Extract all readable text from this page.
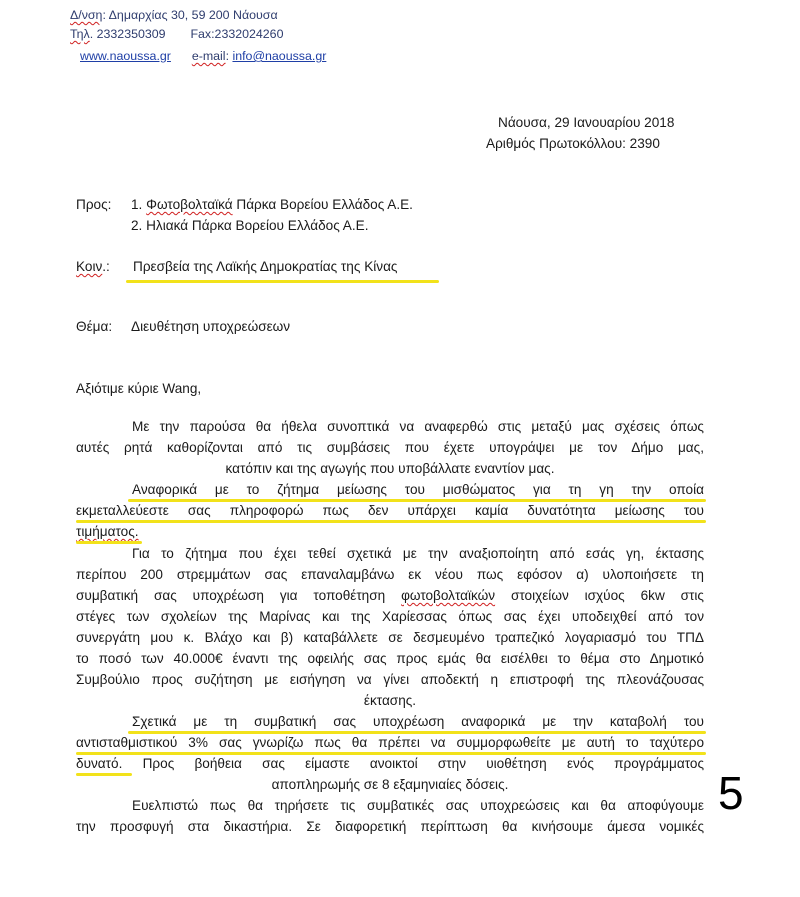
Δ/νση: Δημαρχίας 30, 59 200 Νάουσα
Τηλ. 2332350309 Fax:2332024260
www.naoussa.gr e-mail: info@naoussa.gr
Νάουσα, 29 Ιανουαρίου 2018
Αριθμός Πρωτοκόλλου: 2390
Προς: 1. Φωτοβολταϊκά Πάρκα Βορείου Ελλάδος Α.Ε.
2. Ηλιακά Πάρκα Βορείου Ελλάδος Α.Ε.
Κοιν.: Πρεσβεία της Λαϊκής Δημοκρατίας της Κίνας
Θέμα: Διευθέτηση υποχρεώσεων
Αξιότιμε κύριε Wang,
Με την παρούσα θα ήθελα συνοπτικά να αναφερθώ στις μεταξύ μας σχέσεις όπως
αυτές ρητά καθορίζονται από τις συμβάσεις που έχετε υπογράψει με τον Δήμο μας,
κατόπιν και της αγωγής που υποβάλλατε εναντίον μας.
Αναφορικά με το ζήτημα μείωσης του μισθώματος για τη γη την οποία
εκμεταλλεύεστε σας πληροφορώ πως δεν υπάρχει καμία δυνατότητα μείωσης του
τιμήματος.
Για το ζήτημα που έχει τεθεί σχετικά με την αναξιοποίητη από εσάς γη, έκτασης
περίπου 200 στρεμμάτων σας επαναλαμβάνω εκ νέου πως εφόσον α) υλοποιήσετε τη
συμβατική σας υποχρέωση για τοποθέτηση φωτοβολταϊκών στοιχείων ισχύος 6kw στις
στέγες των σχολείων της Μαρίνας και της Χαρίεσσας όπως σας έχει υποδειχθεί από τον
συνεργάτη μου κ. Βλάχο και β) καταβάλλετε σε δεσμευμένο τραπεζικό λογαριασμό του ΤΠΔ
το ποσό των 40.000€ έναντι της οφειλής σας προς εμάς θα εισέλθει το θέμα στο Δημοτικό
Συμβούλιο προς συζήτηση με εισήγηση να γίνει αποδεκτή η επιστροφή της πλεονάζουσας
έκτασης.
Σχετικά με τη συμβατική σας υποχρέωση αναφορικά με την καταβολή του
αντισταθμιστικού 3% σας γνωρίζω πως θα πρέπει να συμμορφωθείτε με αυτή το ταχύτερο
δυνατό. Προς βοήθεια σας είμαστε ανοικτοί στην υιοθέτηση ενός προγράμματος
αποπληρωμής σε 8 εξαμηνιαίες δόσεις.
Ευελπιστώ πως θα τηρήσετε τις συμβατικές σας υποχρεώσεις και θα αποφύγουμε
την προσφυγή στα δικαστήρια. Σε διαφορετική περίπτωση θα κινήσουμε άμεσα νομικές
5
